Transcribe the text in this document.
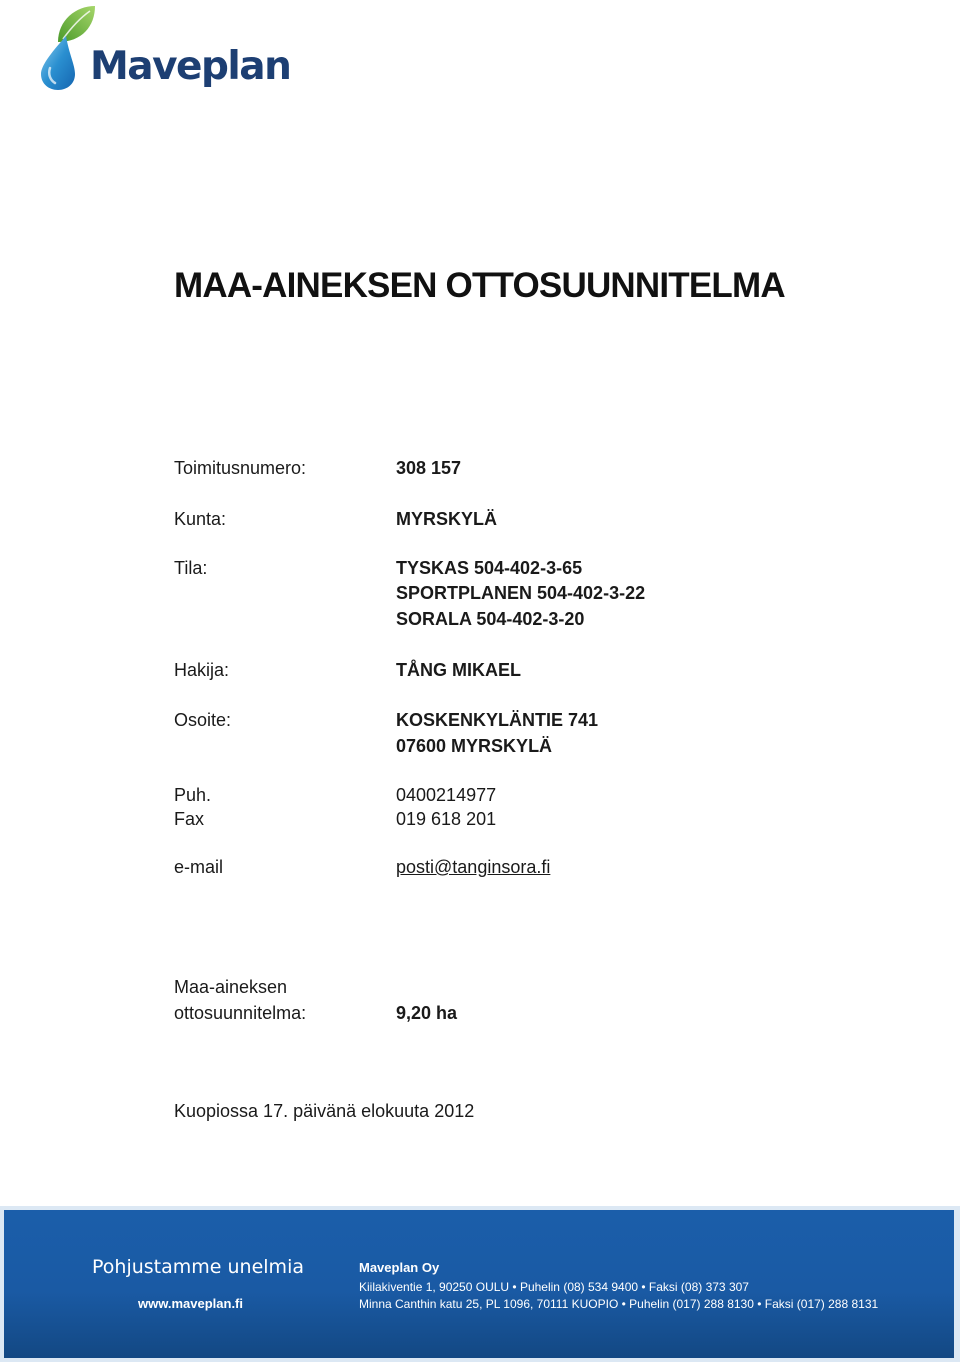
Maveplan
MAA-AINEKSEN OTTOSUUNNITELMA
Toimitusnumero:	308 157
Kunta:	MYRSKYLÄ
Tila:	TYSKAS 504-402-3-65
SPORTPLANEN 504-402-3-22
SORALA 504-402-3-20
Hakija:	TÅNG MIKAEL
Osoite:	KOSKENKYLÄNTIE 741
07600 MYRSKYLÄ
Puh.	0400214977
Fax	019 618 201
e-mail	posti@tanginsora.fi
Maa-aineksen
ottosuunnitelma:	9,20 ha
Kuopiossa 17. päivänä elokuuta 2012
Pohjustamme unelmia
www.maveplan.fi
Maveplan Oy
Kiilakiventie 1, 90250 OULU • Puhelin (08) 534 9400 • Faksi (08) 373 307
Minna Canthin katu 25, PL 1096, 70111 KUOPIO • Puhelin (017) 288 8130 • Faksi (017) 288 8131
